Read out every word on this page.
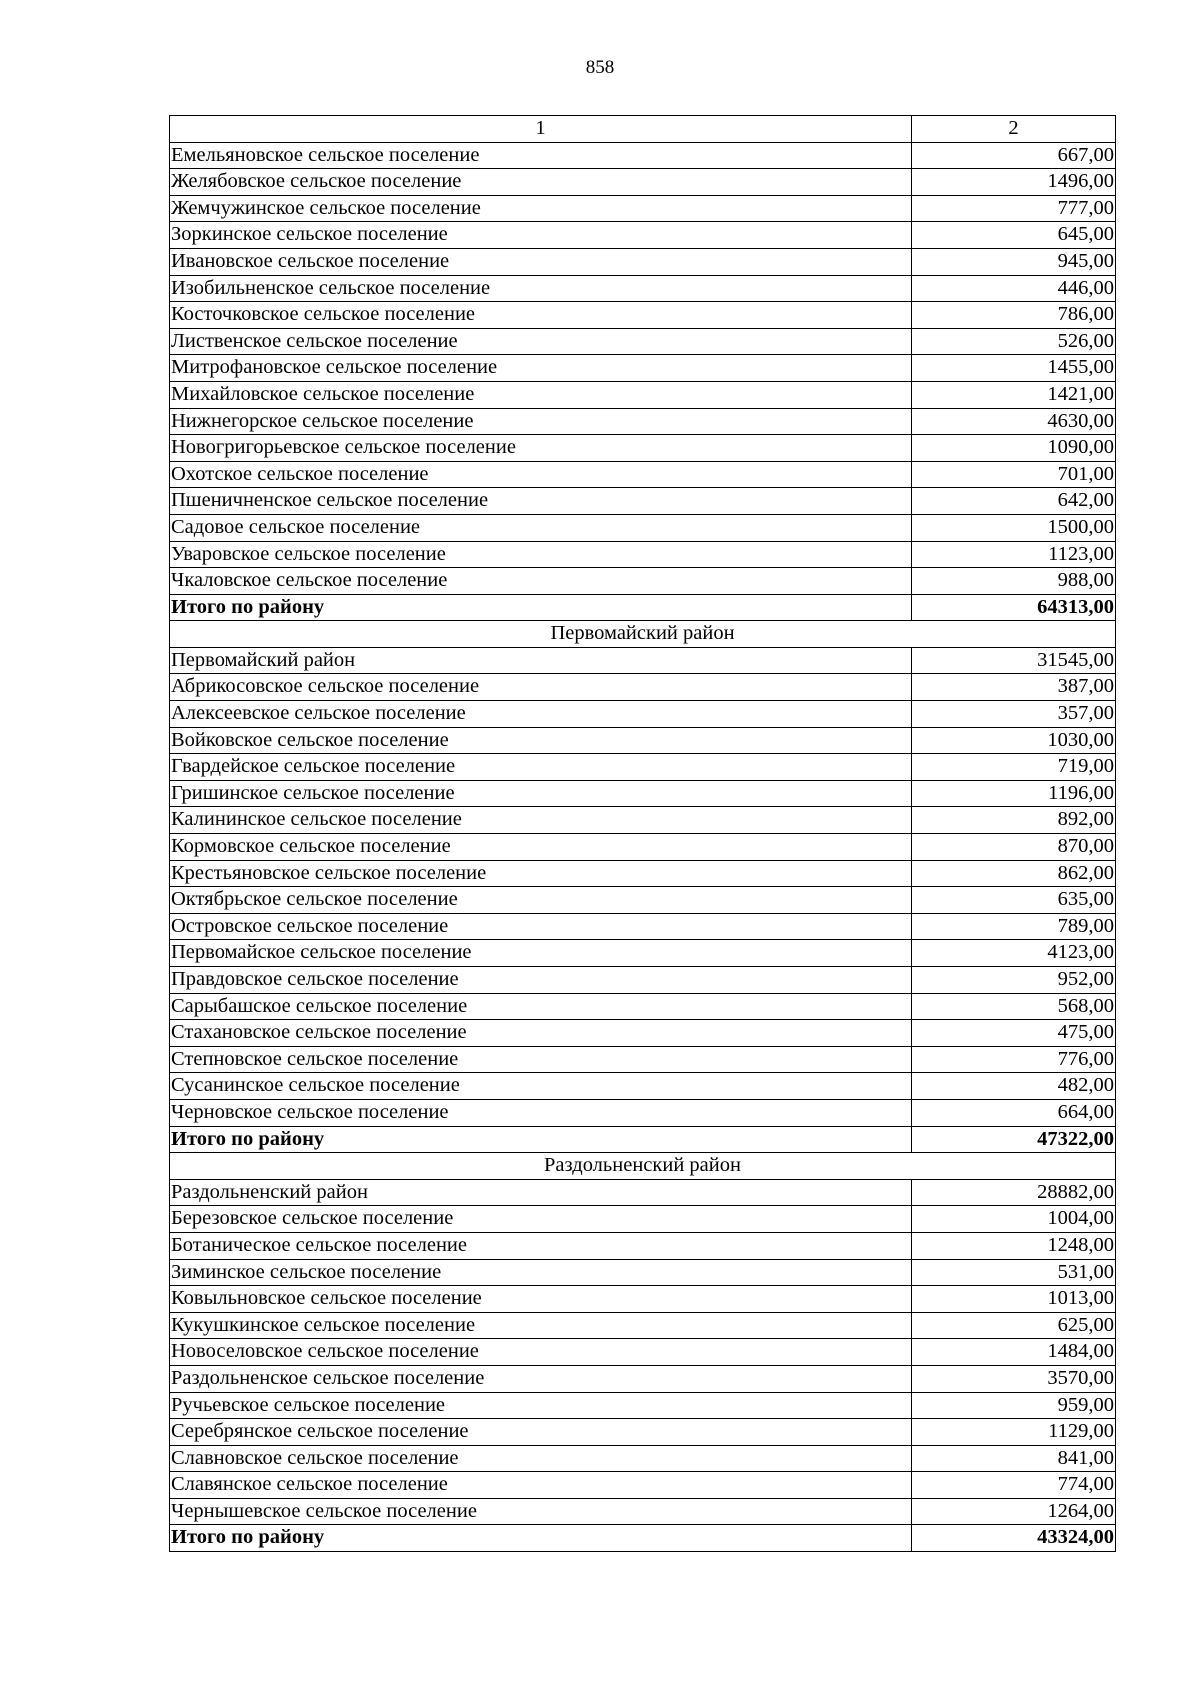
858
1	2
Емельяновское сельское поселение	667,00
Желябовское сельское поселение	1496,00
Жемчужинское сельское поселение	777,00
Зоркинское сельское поселение	645,00
Ивановское сельское поселение	945,00
Изобильненское сельское поселение	446,00
Косточковское сельское поселение	786,00
Лиственское сельское поселение	526,00
Митрофановское сельское поселение	1455,00
Михайловское сельское поселение	1421,00
Нижнегорское сельское поселение	4630,00
Новогригорьевское сельское поселение	1090,00
Охотское сельское поселение	701,00
Пшеничненское сельское поселение	642,00
Садовое сельское поселение	1500,00
Уваровское сельское поселение	1123,00
Чкаловское сельское поселение	988,00
Итого по району	64313,00
Первомайский район	
Первомайский район	31545,00
Абрикосовское сельское поселение	387,00
Алексеевское сельское поселение	357,00
Войковское сельское поселение	1030,00
Гвардейское сельское поселение	719,00
Гришинское сельское поселение	1196,00
Калининское сельское поселение	892,00
Кормовское сельское поселение	870,00
Крестьяновское сельское поселение	862,00
Октябрьское сельское поселение	635,00
Островское сельское поселение	789,00
Первомайское сельское поселение	4123,00
Правдовское сельское поселение	952,00
Сарыбашское сельское поселение	568,00
Стахановское сельское поселение	475,00
Степновское сельское поселение	776,00
Сусанинское сельское поселение	482,00
Черновское сельское поселение	664,00
Итого по району	47322,00
Раздольненский район	
Раздольненский район	28882,00
Березовское сельское поселение	1004,00
Ботаническое сельское поселение	1248,00
Зиминское сельское поселение	531,00
Ковыльновское сельское поселение	1013,00
Кукушкинское сельское поселение	625,00
Новоселовское сельское поселение	1484,00
Раздольненское сельское поселение	3570,00
Ручьевское сельское поселение	959,00
Серебрянское сельское поселение	1129,00
Славновское сельское поселение	841,00
Славянское сельское поселение	774,00
Чернышевское сельское поселение	1264,00
Итого по району	43324,00
